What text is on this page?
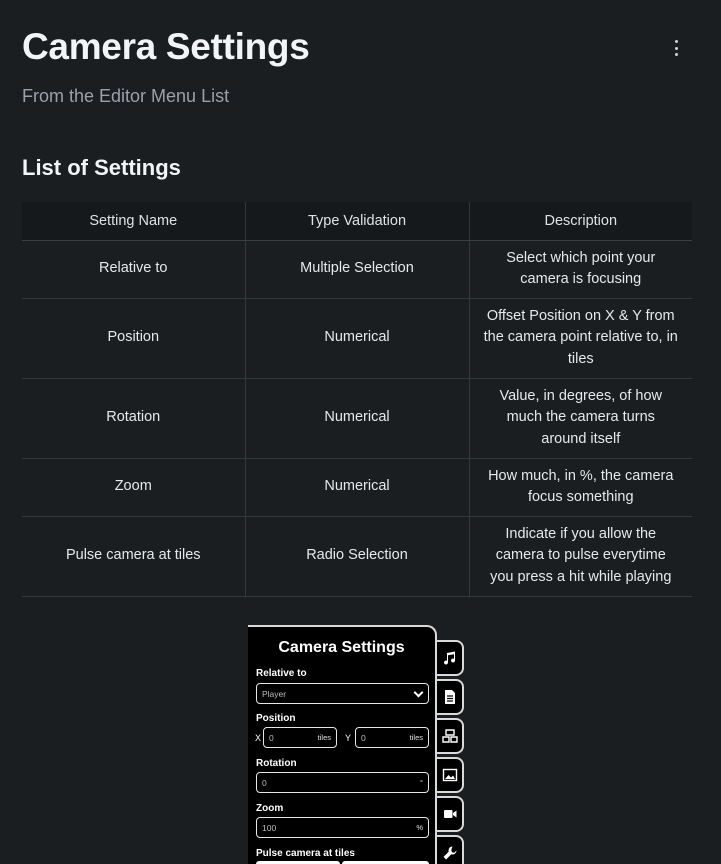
Camera Settings
From the Editor Menu List
List of Settings
Setting Name	Type Validation	Description
Relative to	Multiple Selection	Select which point your camera is focusing
Position	Numerical	Offset Position on X & Y from the camera point relative to, in tiles
Rotation	Numerical	Value, in degrees, of how much the camera turns around itself
Zoom	Numerical	How much, in %, the camera focus something
Pulse camera at tiles	Radio Selection	Indicate if you allow the camera to pulse everytime you press a hit while playing
Camera Settings
Relative to
Player
Position
X 0	tiles Y 0	tiles
Rotation
0	°
Zoom
100	%
Pulse camera at tiles
